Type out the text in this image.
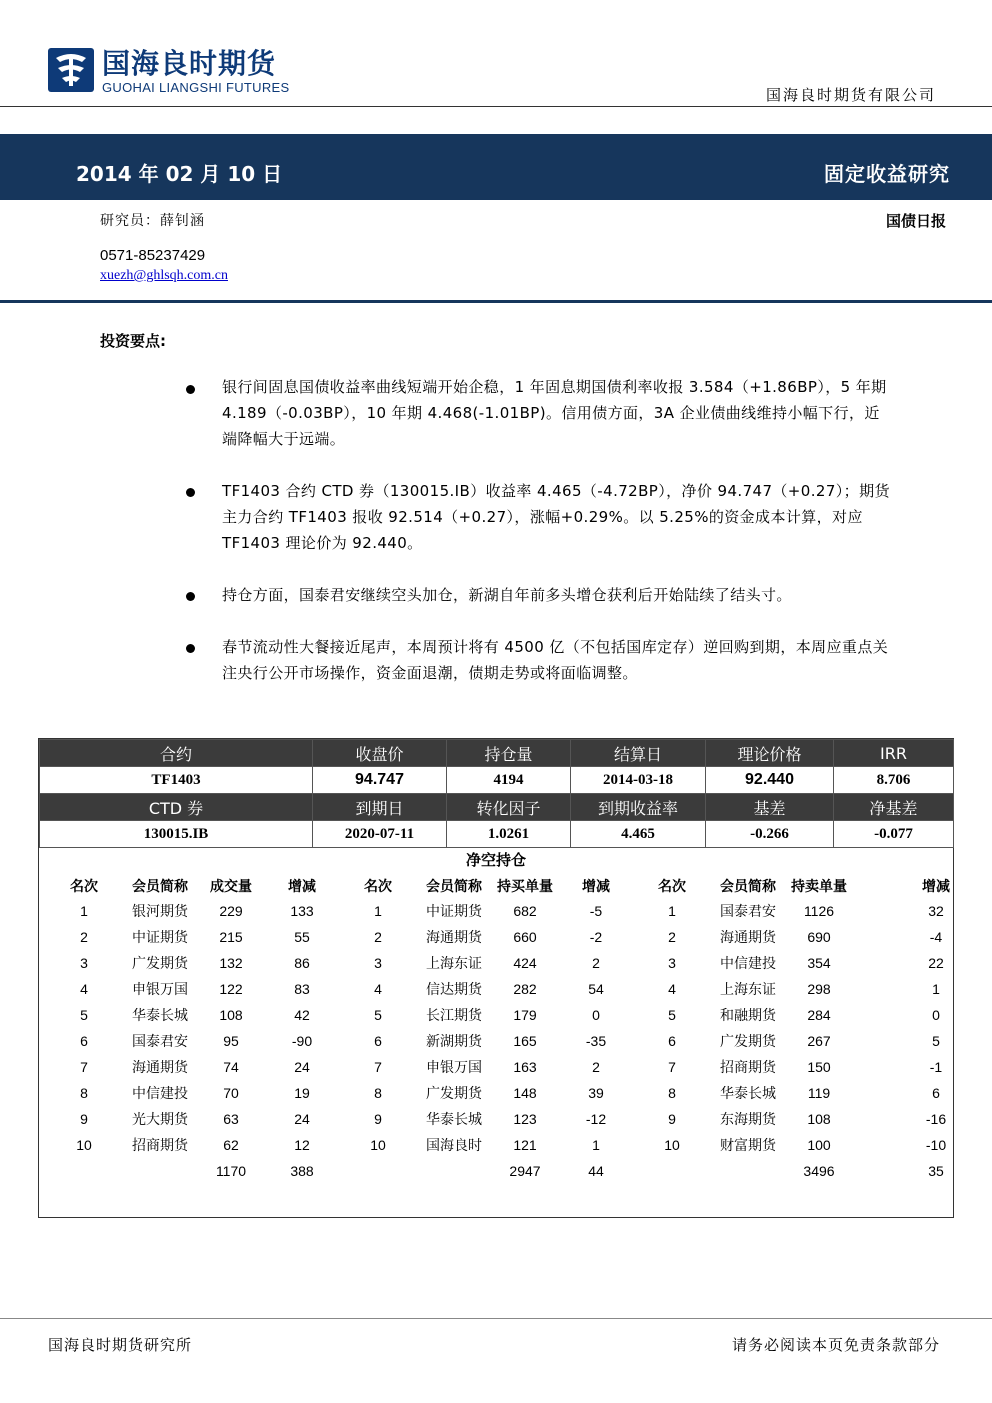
国海良时期货
GUOHAI LIANGSHI FUTURES	国海良时期货有限公司
2014 年 02 月 10 日	固定收益研究
研究员：薛钊涵	国债日报
0571-85237429
xuezh@ghlsqh.com.cn
投资要点:
银行间固息国债收益率曲线短端开始企稳，1 年固息期国债利率收报 3.584（+1.86BP），5 年期 4.189（-0.03BP），10 年期 4.468(-1.01BP)。信用债方面，3A 企业债曲线维持小幅下行，近端降幅大于远端。
TF1403 合约 CTD 券（130015.IB）收益率 4.465（-4.72BP），净价 94.747（+0.27）；期货主力合约 TF1403 报收 92.514（+0.27），涨幅+0.29%。以 5.25%的资金成本计算，对应 TF1403 理论价为 92.440。
持仓方面，国泰君安继续空头加仓，新湖自年前多头增仓获利后开始陆续了结头寸。
春节流动性大餐接近尾声，本周预计将有 4500 亿（不包括国库定存）逆回购到期，本周应重点关注央行公开市场操作，资金面退潮，债期走势或将面临调整。
合约	收盘价	持仓量	结算日	理论价格	IRR
TF1403	94.747	4194	2014-03-18	92.440	8.706
CTD 券	到期日	转化因子	到期收益率	基差	净基差
130015.IB	2020-07-11	1.0261	4.465	-0.266	-0.077
净空持仓
名次	会员简称	成交量	增减	名次	会员简称	持买单量	增减	名次	会员简称	持卖单量	增减
1	银河期货	229	133	1	中证期货	682	-5	1	国泰君安	1126	32
2	中证期货	215	55	2	海通期货	660	-2	2	海通期货	690	-4
3	广发期货	132	86	3	上海东证	424	2	3	中信建投	354	22
4	申银万国	122	83	4	信达期货	282	54	4	上海东证	298	1
5	华泰长城	108	42	5	长江期货	179	0	5	和融期货	284	0
6	国泰君安	95	-90	6	新湖期货	165	-35	6	广发期货	267	5
7	海通期货	74	24	7	申银万国	163	2	7	招商期货	150	-1
8	中信建投	70	19	8	广发期货	148	39	8	华泰长城	119	6
9	光大期货	63	24	9	华泰长城	123	-12	9	东海期货	108	-16
10	招商期货	62	12	10	国海良时	121	1	10	财富期货	100	-10
		1170	388			2947	44			3496	35
国海良时期货研究所	请务必阅读本页免责条款部分
